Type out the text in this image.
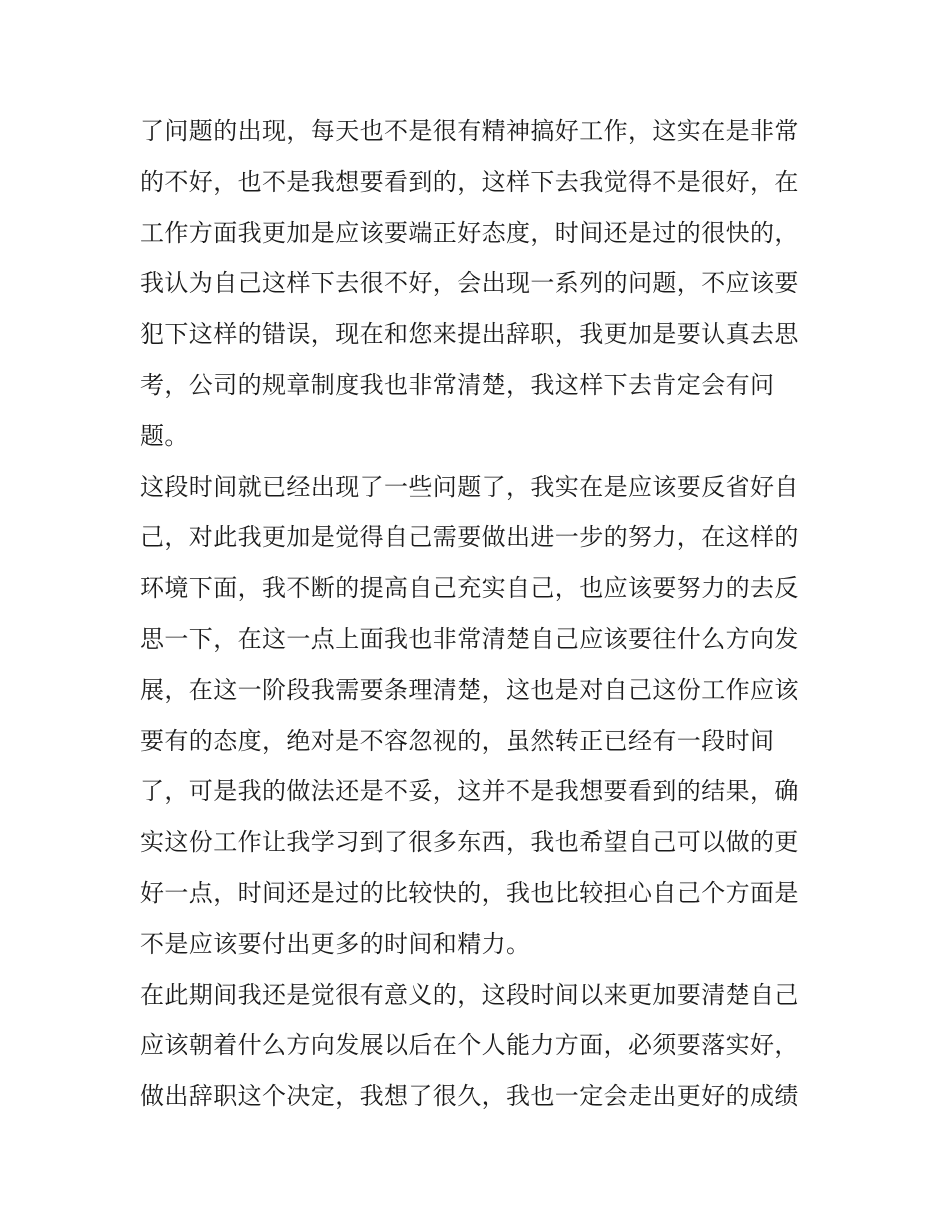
了问题的出现，每天也不是很有精神搞好工作，这实在是非常
的不好，也不是我想要看到的，这样下去我觉得不是很好，在
工作方面我更加是应该要端正好态度，时间还是过的很快的，
我认为自己这样下去很不好，会出现一系列的问题，不应该要
犯下这样的错误，现在和您来提出辞职，我更加是要认真去思
考，公司的规章制度我也非常清楚，我这样下去肯定会有问
题。
这段时间就已经出现了一些问题了，我实在是应该要反省好自
己，对此我更加是觉得自己需要做出进一步的努力，在这样的
环境下面，我不断的提高自己充实自己，也应该要努力的去反
思一下，在这一点上面我也非常清楚自己应该要往什么方向发
展，在这一阶段我需要条理清楚，这也是对自己这份工作应该
要有的态度，绝对是不容忽视的，虽然转正已经有一段时间
了，可是我的做法还是不妥，这并不是我想要看到的结果，确
实这份工作让我学习到了很多东西，我也希望自己可以做的更
好一点，时间还是过的比较快的，我也比较担心自己个方面是
不是应该要付出更多的时间和精力。
在此期间我还是觉很有意义的，这段时间以来更加要清楚自己
应该朝着什么方向发展以后在个人能力方面，必须要落实好，
做出辞职这个决定，我想了很久，我也一定会走出更好的成绩
